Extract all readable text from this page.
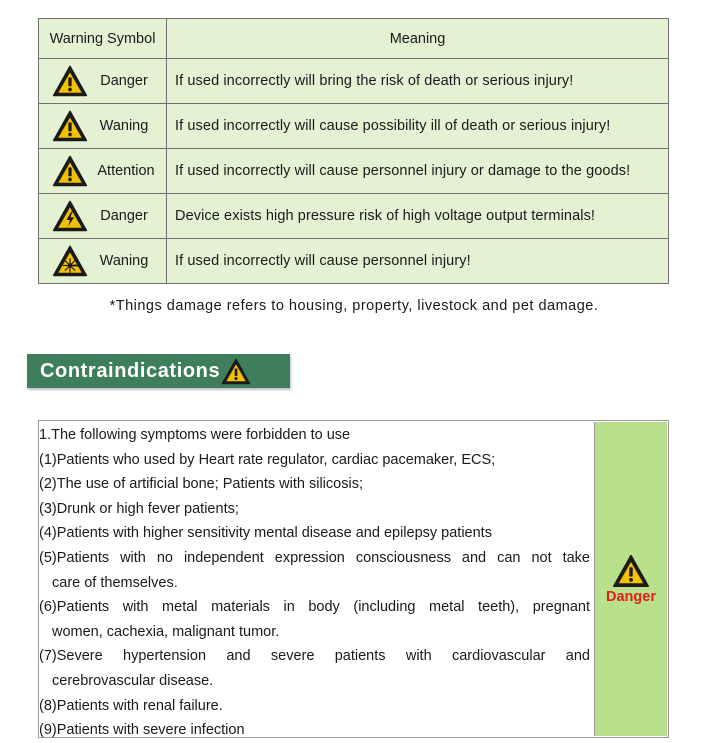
Warning Symbol	Meaning

Danger	If used incorrectly will bring the risk of death or serious injury!

Waning	If used incorrectly will cause possibility ill of death or serious injury!

Attention	If used incorrectly will cause personnel injury or damage to the goods!

Danger	Device exists high pressure risk of high voltage output terminals!

Waning	If used incorrectly will cause personnel injury!
*Things damage refers to housing, property, livestock and pet damage.
Contraindications
1.The following symptoms were forbidden to use
(1)Patients who used by Heart rate regulator, cardiac pacemaker, ECS;
(2)The use of artificial bone; Patients with silicosis;
(3)Drunk or high fever patients;
(4)Patients with higher sensitivity mental disease and epilepsy patients
(5)Patients with no independent expression consciousness and can not take
care of themselves.
(6)Patients with metal materials in body (including metal teeth), pregnant
women, cachexia, malignant tumor.
(7)Severe hypertension and severe patients with cardiovascular and
cerebrovascular disease.
(8)Patients with renal failure.
(9)Patients with severe infection
Danger
